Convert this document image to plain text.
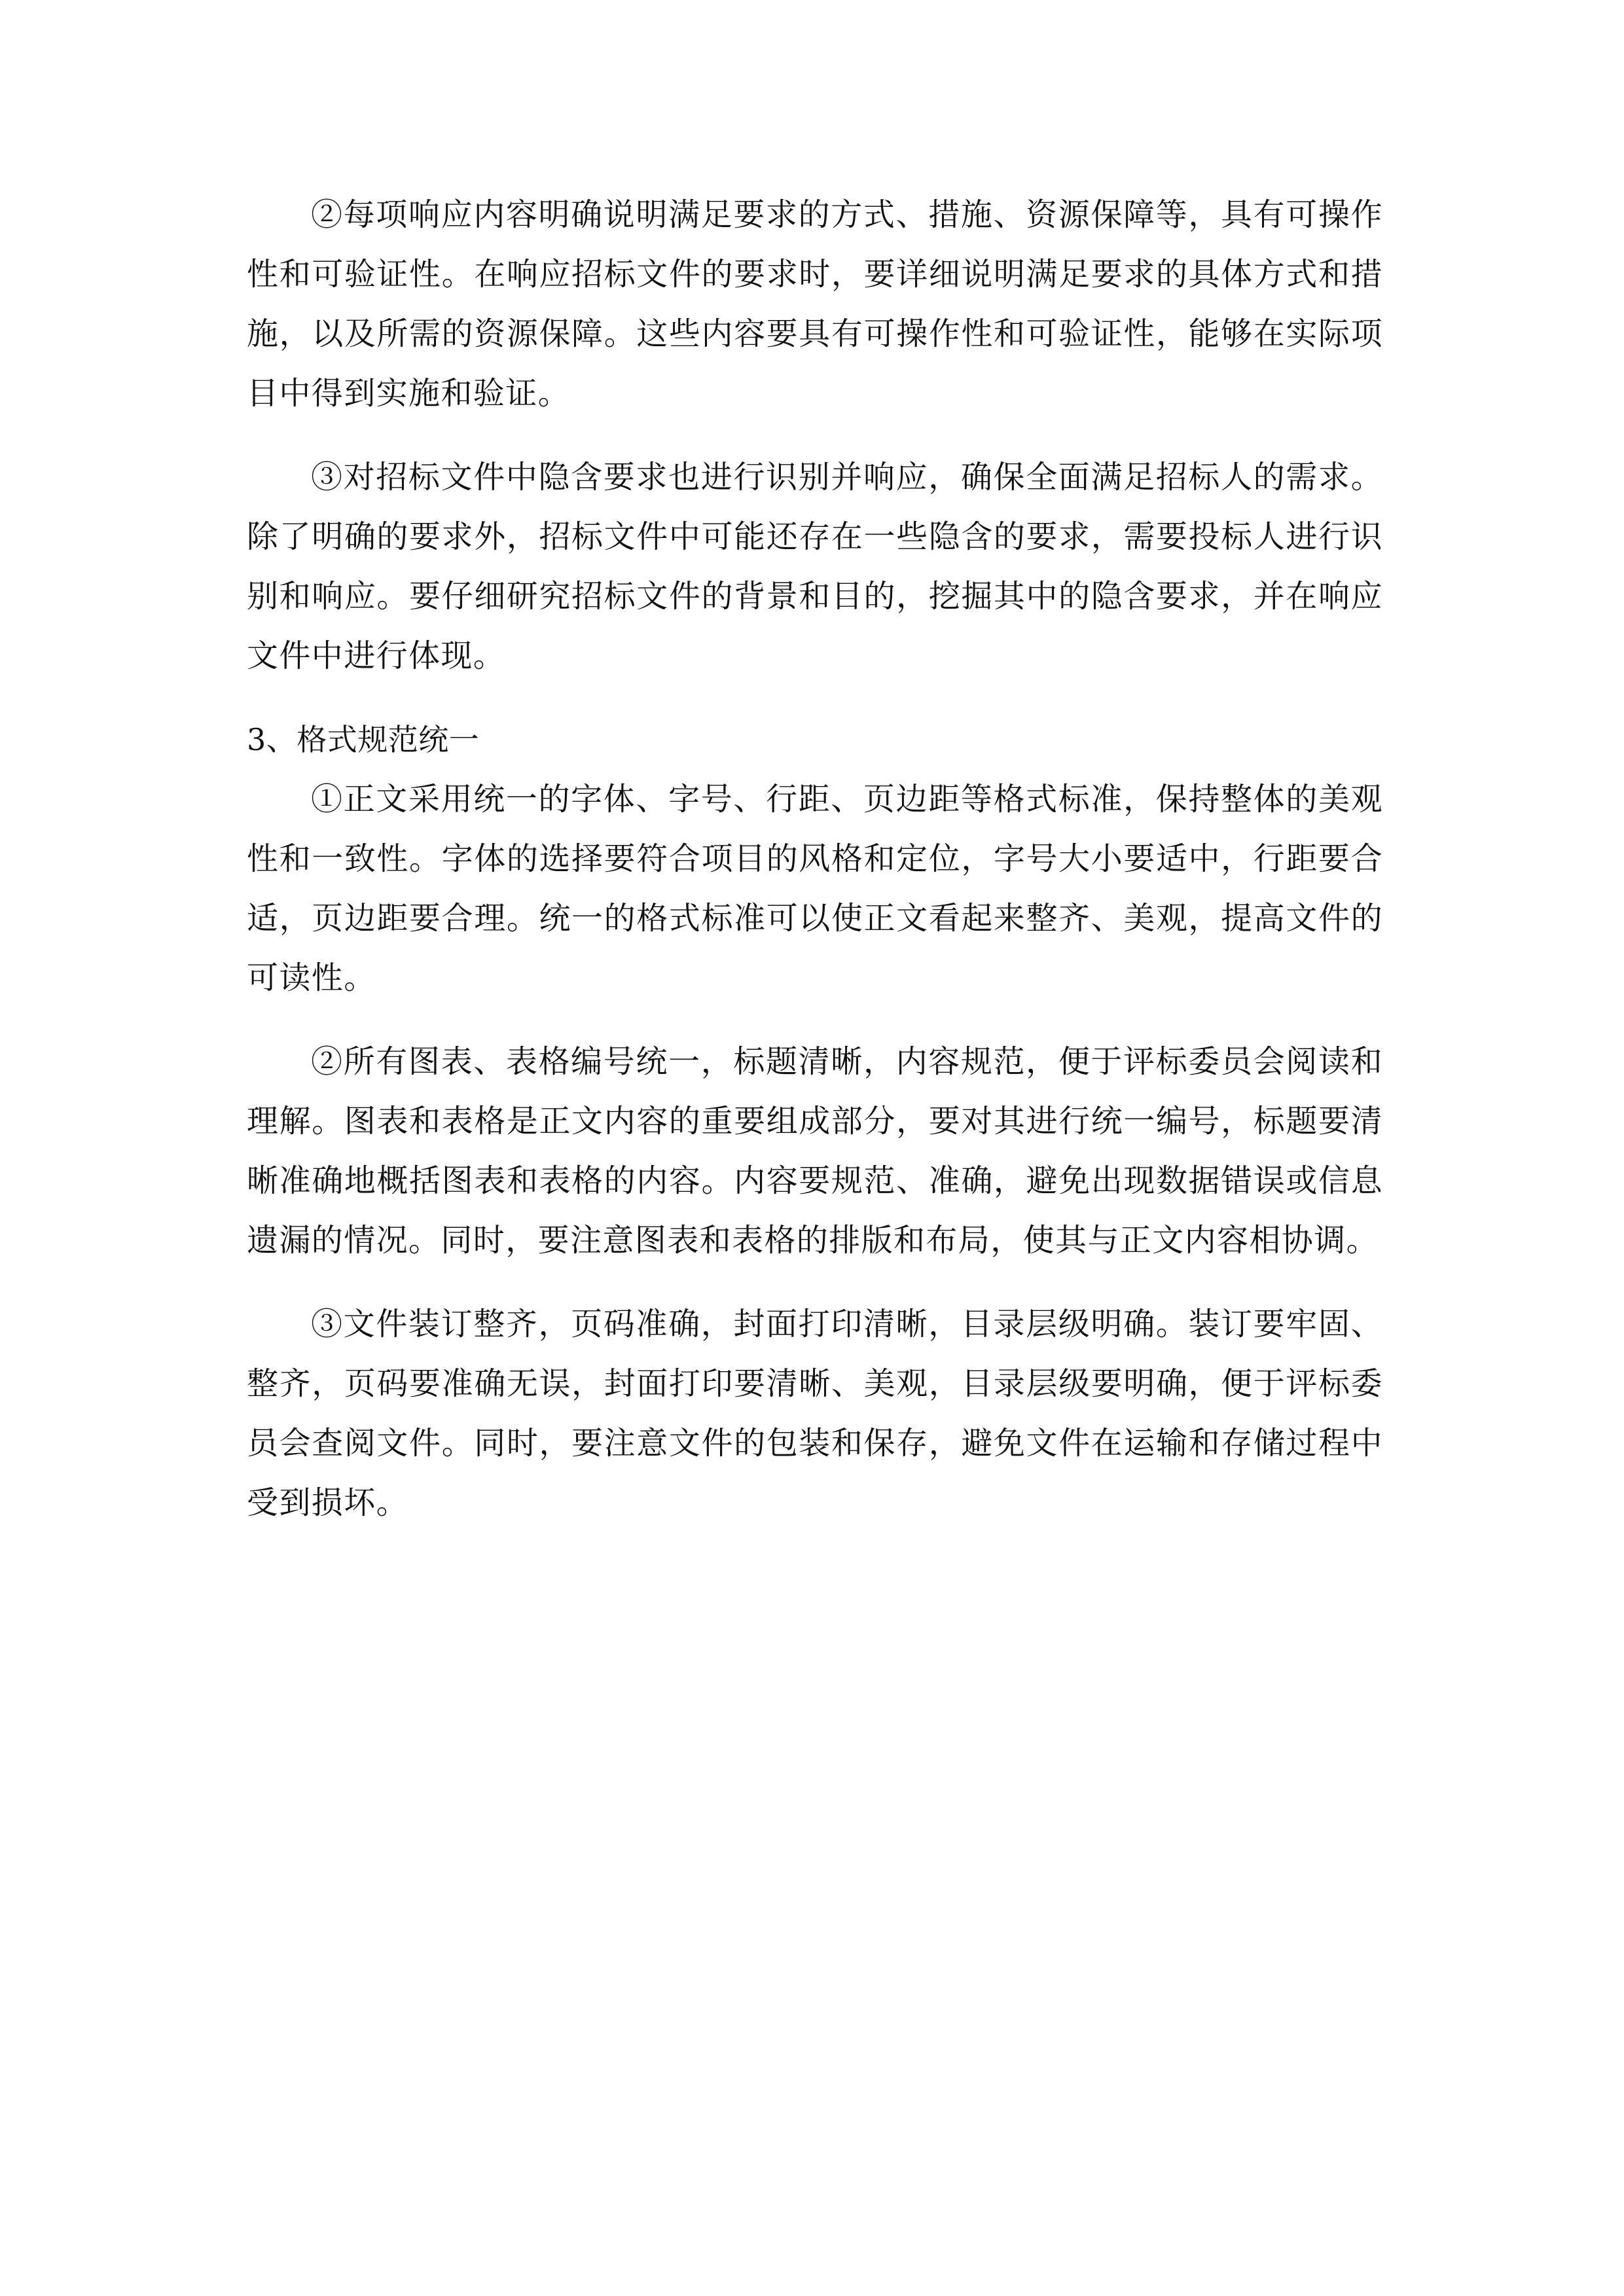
②每项响应内容明确说明满足要求的方式、措施、资源保障等，具有可操作性和可验证性。在响应招标文件的要求时，要详细说明满足要求的具体方式和措施，以及所需的资源保障。这些内容要具有可操作性和可验证性，能够在实际项目中得到实施和验证。

③对招标文件中隐含要求也进行识别并响应，确保全面满足招标人的需求。除了明确的要求外，招标文件中可能还存在一些隐含的要求，需要投标人进行识别和响应。要仔细研究招标文件的背景和目的，挖掘其中的隐含要求，并在响应文件中进行体现。

3、格式规范统一

①正文采用统一的字体、字号、行距、页边距等格式标准，保持整体的美观性和一致性。字体的选择要符合项目的风格和定位，字号大小要适中，行距要合适，页边距要合理。统一的格式标准可以使正文看起来整齐、美观，提高文件的可读性。

②所有图表、表格编号统一，标题清晰，内容规范，便于评标委员会阅读和理解。图表和表格是正文内容的重要组成部分，要对其进行统一编号，标题要清晰准确地概括图表和表格的内容。内容要规范、准确，避免出现数据错误或信息遗漏的情况。同时，要注意图表和表格的排版和布局，使其与正文内容相协调。

③文件装订整齐，页码准确，封面打印清晰，目录层级明确。装订要牢固、整齐，页码要准确无误，封面打印要清晰、美观，目录层级要明确，便于评标委员会查阅文件。同时，要注意文件的包装和保存，避免文件在运输和存储过程中受到损坏。
